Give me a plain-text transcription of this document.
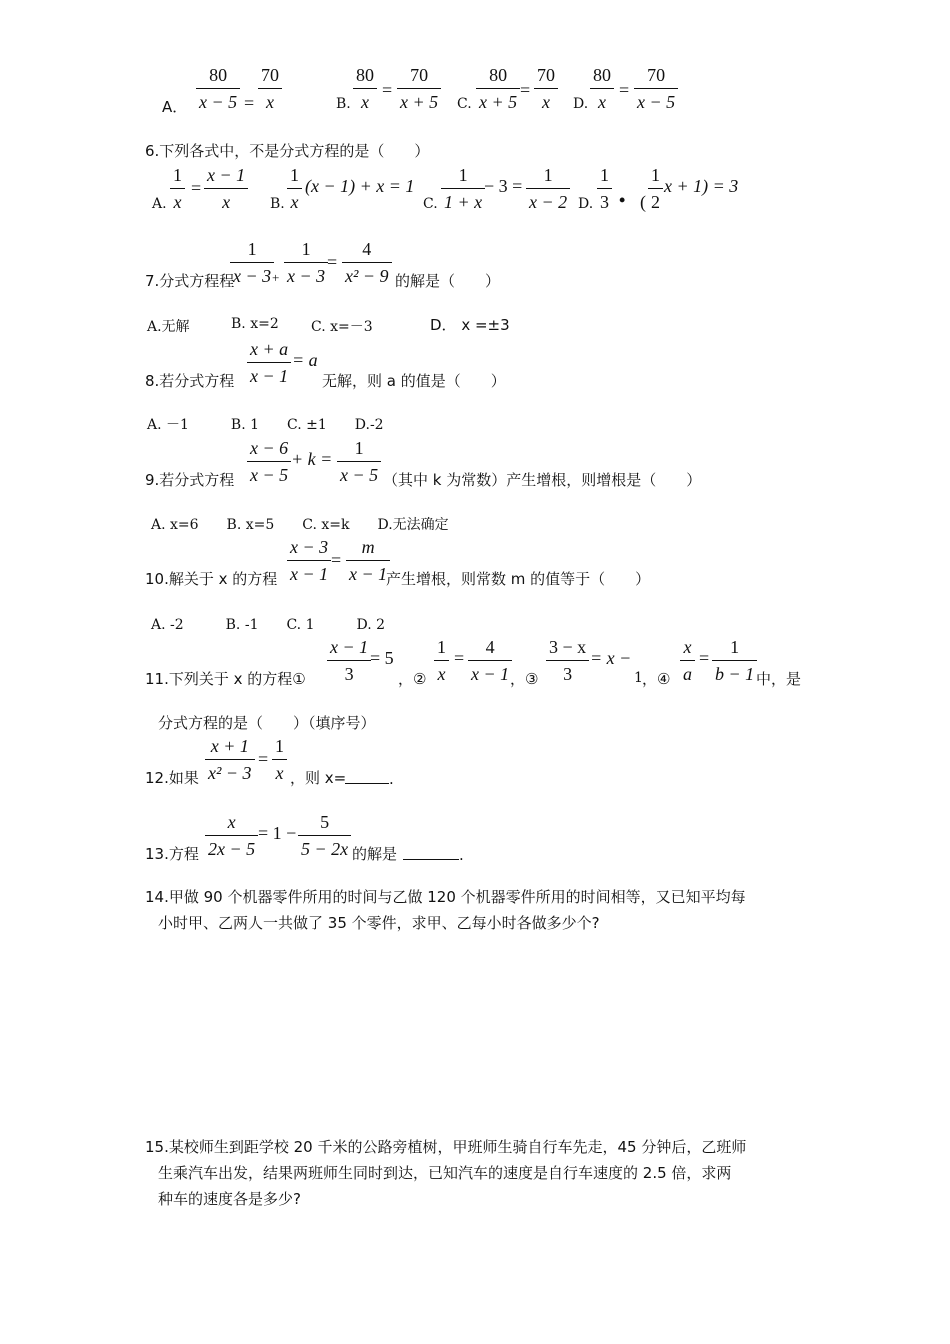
A．
80
x − 5 =
70
x	B.
80
x
=
70
x + 5 C.
80
x + 5
=
70
x D.
80
x
=
70
x − 5
6.下列各式中，不是分式方程的是（　　）
A.
1
x
=
x − 1
x	B.
1
x
(x − 1) + x = 1
C.
1
1 + x
− 3 =
1
x − 2 D.
1
3 • (
1
2
x + 1) = 3
7.分式方程程
1
x − 3 +
1
x − 3
=
4
x² − 9 的解是（　　）
A.无解	B. x=2 C. x=－3	D． x =±3
8.若分式方程
x + a
x − 1
= a
无解，则 a 的值是（　　）
A. －1　　　B. 1　　C. ±1　　D.-2
9.若分式方程
x − 6
x − 5
+ k =
1
x − 5 （其中 k 为常数）产生增根，则增根是（　　）
A. x=6　　B. x=5　　C. x=k　　D.无法确定
10.解关于 x 的方程
x − 3
x − 1
=
m
x − 1
产生增根，则常数 m 的值等于（　　）
A. -2　　　B. -1　　C. 1　　　D. 2
11.下列关于 x 的方程①
x − 1
3
= 5
，②
1
x
=
4
x − 1 ，③
3 − x
3
= x −
1 ，④
x
a
=
1
b − 1 中，是
分式方程的是（　　）（填序号）
12.如果
x + 1
x² − 3
=
1
x ，则 x=	.
13.方程
x
2x − 5
= 1 −
5
5 − 2x 的解是	.
14.甲做 90 个机器零件所用的时间与乙做 120 个机器零件所用的时间相等，又已知平均每
小时甲、乙两人一共做了 35 个零件，求甲、乙每小时各做多少个?
15.某校师生到距学校 20 千米的公路旁植树，甲班师生骑自行车先走，45 分钟后，乙班师
生乘汽车出发，结果两班师生同时到达，已知汽车的速度是自行车速度的 2.5 倍，求两
种车的速度各是多少?
